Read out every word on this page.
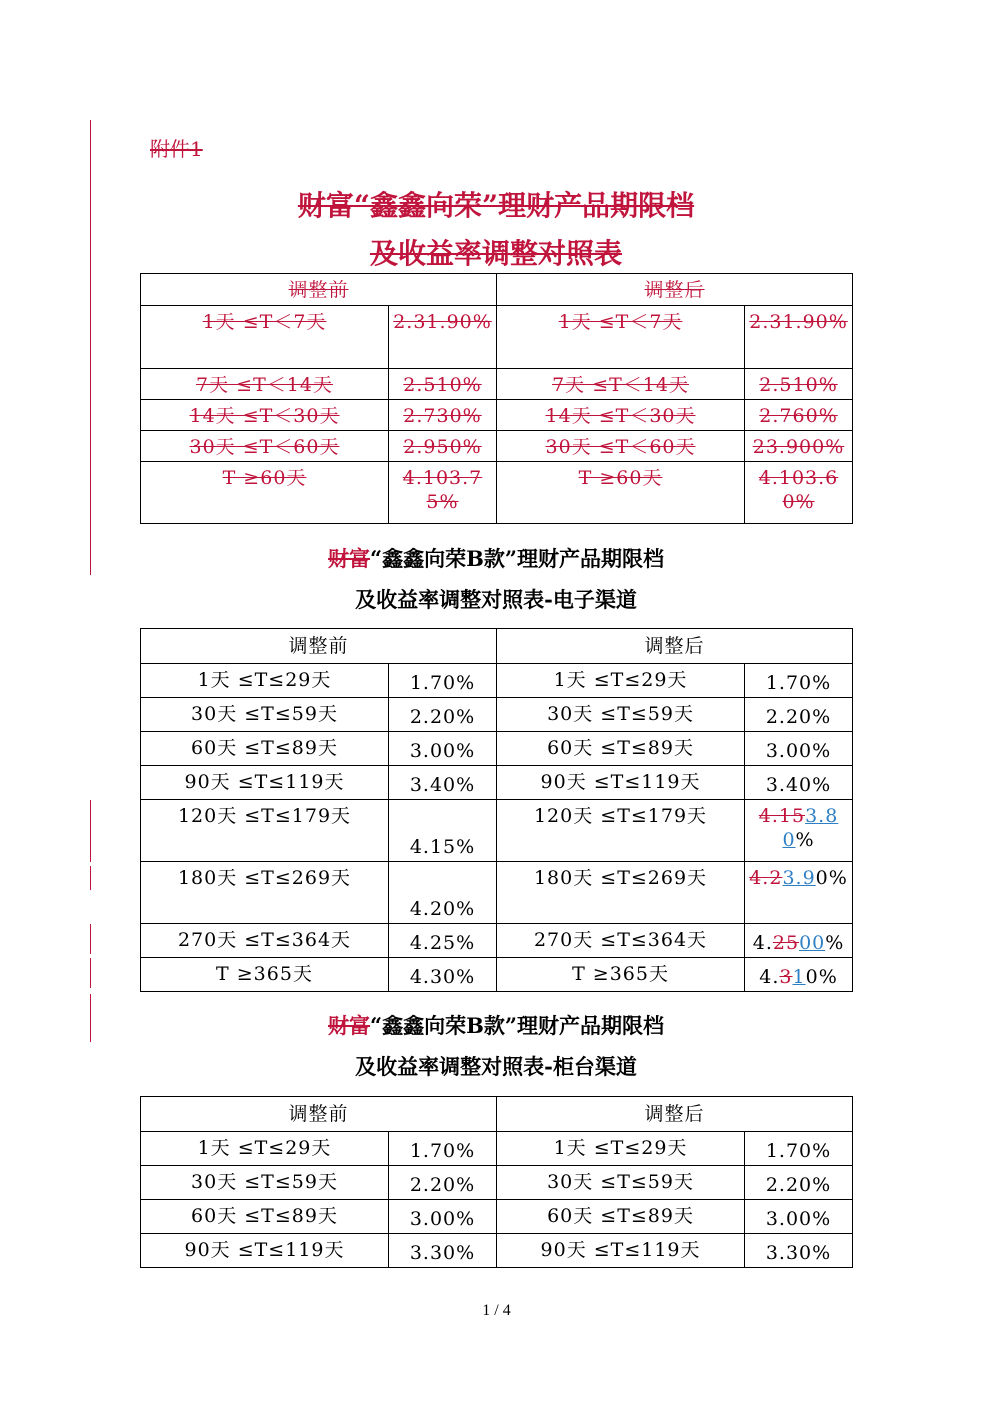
附件1
财富“鑫鑫向荣”理财产品期限档
及收益率调整对照表
调整前		调整后	
1天 ≤T＜7天	2.31.90%	1天 ≤T＜7天	2.31.90%
7天 ≤T＜14天	2.510%	7天 ≤T＜14天	2.510%
14天 ≤T＜30天	2.730%	14天 ≤T＜30天	2.760%
30天 ≤T＜60天	2.950%	30天 ≤T＜60天	23.900%
T ≥60天	4.103.75%	T ≥60天	4.103.60%
财富“鑫鑫向荣B款”理财产品期限档
及收益率调整对照表-电子渠道
调整前		调整后	
1天 ≤T≤29天	1.70%	1天 ≤T≤29天	1.70%
30天 ≤T≤59天	2.20%	30天 ≤T≤59天	2.20%
60天 ≤T≤89天	3.00%	60天 ≤T≤89天	3.00%
90天 ≤T≤119天	3.40%	90天 ≤T≤119天	3.40%
120天 ≤T≤179天	4.15%	120天 ≤T≤179天	4.153.80%
180天 ≤T≤269天	4.20%	180天 ≤T≤269天	4.23.90%
270天 ≤T≤364天	4.25%	270天 ≤T≤364天	4.2500%
T ≥365天	4.30%	T ≥365天	4.310%
财富“鑫鑫向荣B款”理财产品期限档
及收益率调整对照表-柜台渠道
调整前		调整后	
1天 ≤T≤29天	1.70%	1天 ≤T≤29天	1.70%
30天 ≤T≤59天	2.20%	30天 ≤T≤59天	2.20%
60天 ≤T≤89天	3.00%	60天 ≤T≤89天	3.00%
90天 ≤T≤119天	3.30%	90天 ≤T≤119天	3.30%
1 / 4
